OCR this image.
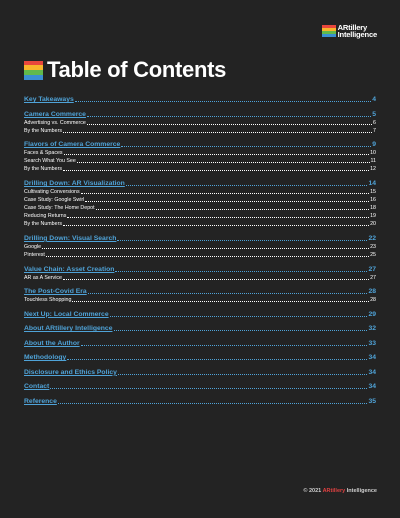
ARtillery
Intelligence
Table of Contents
Key Takeaways	4
Camera Commerce	5
Advertising vs. Commerce	6
By the Numbers	7
Flavors of Camera Commerce	9
Faces & Spaces	10
Search What You See	11
By the Numbers	12
Drilling Down: AR Visualization	14
Cultivating Conversions	15
Case Study: Google Swirl	16
Case Study: The Home Depot	18
Reducing Returns	19
By the Numbers	20
Drilling Down: Visual Search	22
Google	23
Pinterest	25
Value Chain: Asset Creation	27
AR as A Service	27
The Post-Covid Era	28
Touchless Shopping	28
Next Up: Local Commerce	29
About ARtillery Intelligence	32
About the Author	33
Methodology	34
Disclosure and Ethics Policy	34
Contact	34
Reference	35
© 2021 ARtillery Intelligence
